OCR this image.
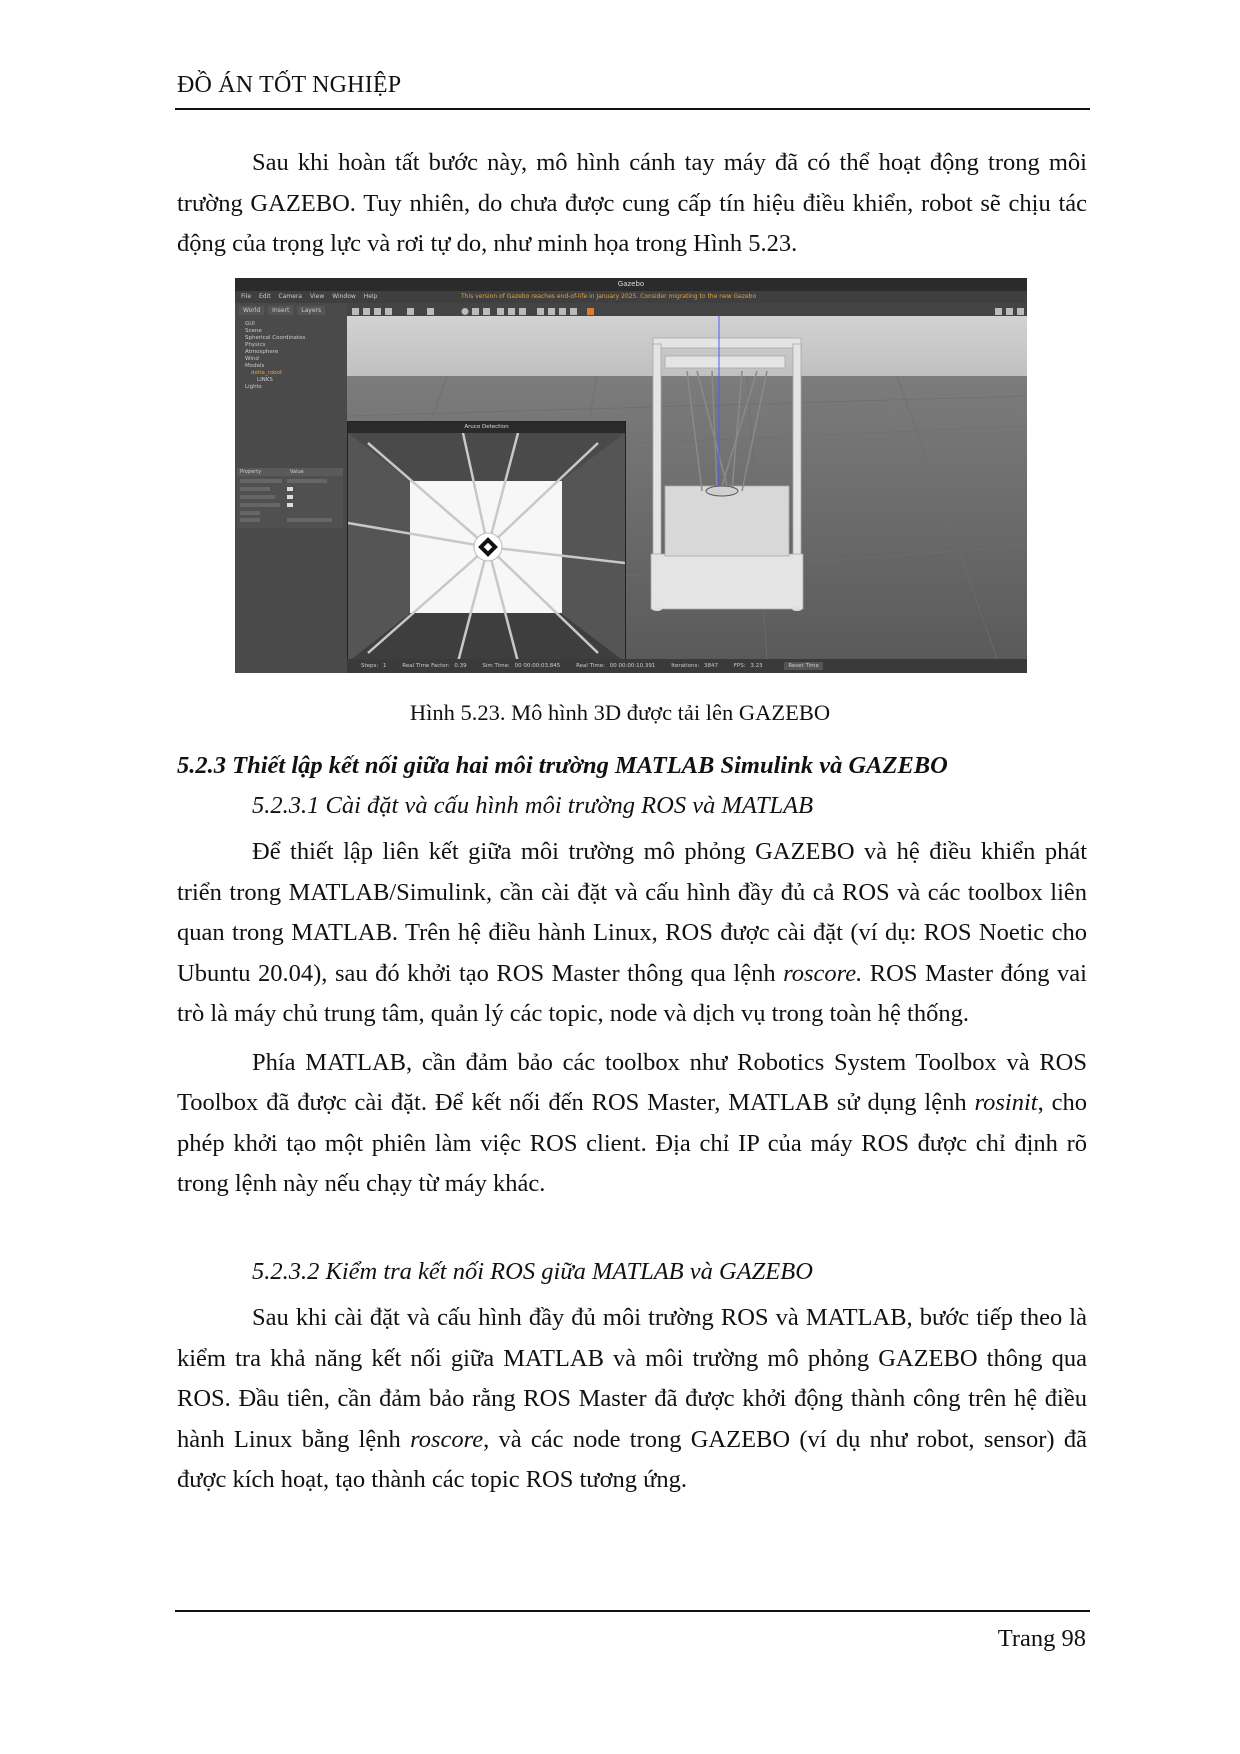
ĐỒ ÁN TỐT NGHIỆP

Sau khi hoàn tất bước này, mô hình cánh tay máy đã có thể hoạt động trong môi trường GAZEBO. Tuy nhiên, do chưa được cung cấp tín hiệu điều khiển, robot sẽ chịu tác động của trọng lực và rơi tự do, như minh họa trong Hình 5.23.

Gazebo
File Edit Camera View Window Help	This version of Gazebo reaches end-of-life in January 2025. Consider migrating to the new Gazebo
World Insert Layers
GUI
Scene
Spherical Coordinates
Physics
Atmosphere
Wind
Models
delta_robot
LINKS
Lights
Property	Value
Aruco Detection
Steps: 1	Real Time Factor: 0.39	Sim Time: 00 00:00:03.845	Real Time: 00 00:00:10.391	Iterations: 3847	FPS: 3.23	Reset Time
Hình 5.23. Mô hình 3D được tải lên GAZEBO
5.2.3 Thiết lập kết nối giữa hai môi trường MATLAB Simulink và GAZEBO
5.2.3.1 Cài đặt và cấu hình môi trường ROS và MATLAB

Để thiết lập liên kết giữa môi trường mô phỏng GAZEBO và hệ điều khiển phát triển trong MATLAB/Simulink, cần cài đặt và cấu hình đầy đủ cả ROS và các toolbox liên quan trong MATLAB. Trên hệ điều hành Linux, ROS được cài đặt (ví dụ: ROS Noetic cho Ubuntu 20.04), sau đó khởi tạo ROS Master thông qua lệnh roscore. ROS Master đóng vai trò là máy chủ trung tâm, quản lý các topic, node và dịch vụ trong toàn hệ thống.

Phía MATLAB, cần đảm bảo các toolbox như Robotics System Toolbox và ROS Toolbox đã được cài đặt. Để kết nối đến ROS Master, MATLAB sử dụng lệnh rosinit, cho phép khởi tạo một phiên làm việc ROS client. Địa chỉ IP của máy ROS được chỉ định rõ trong lệnh này nếu chạy từ máy khác.

5.2.3.2 Kiểm tra kết nối ROS giữa MATLAB và GAZEBO

Sau khi cài đặt và cấu hình đầy đủ môi trường ROS và MATLAB, bước tiếp theo là kiểm tra khả năng kết nối giữa MATLAB và môi trường mô phỏng GAZEBO thông qua ROS. Đầu tiên, cần đảm bảo rằng ROS Master đã được khởi động thành công trên hệ điều hành Linux bằng lệnh roscore, và các node trong GAZEBO (ví dụ như robot, sensor) đã được kích hoạt, tạo thành các topic ROS tương ứng.

Trang 98
